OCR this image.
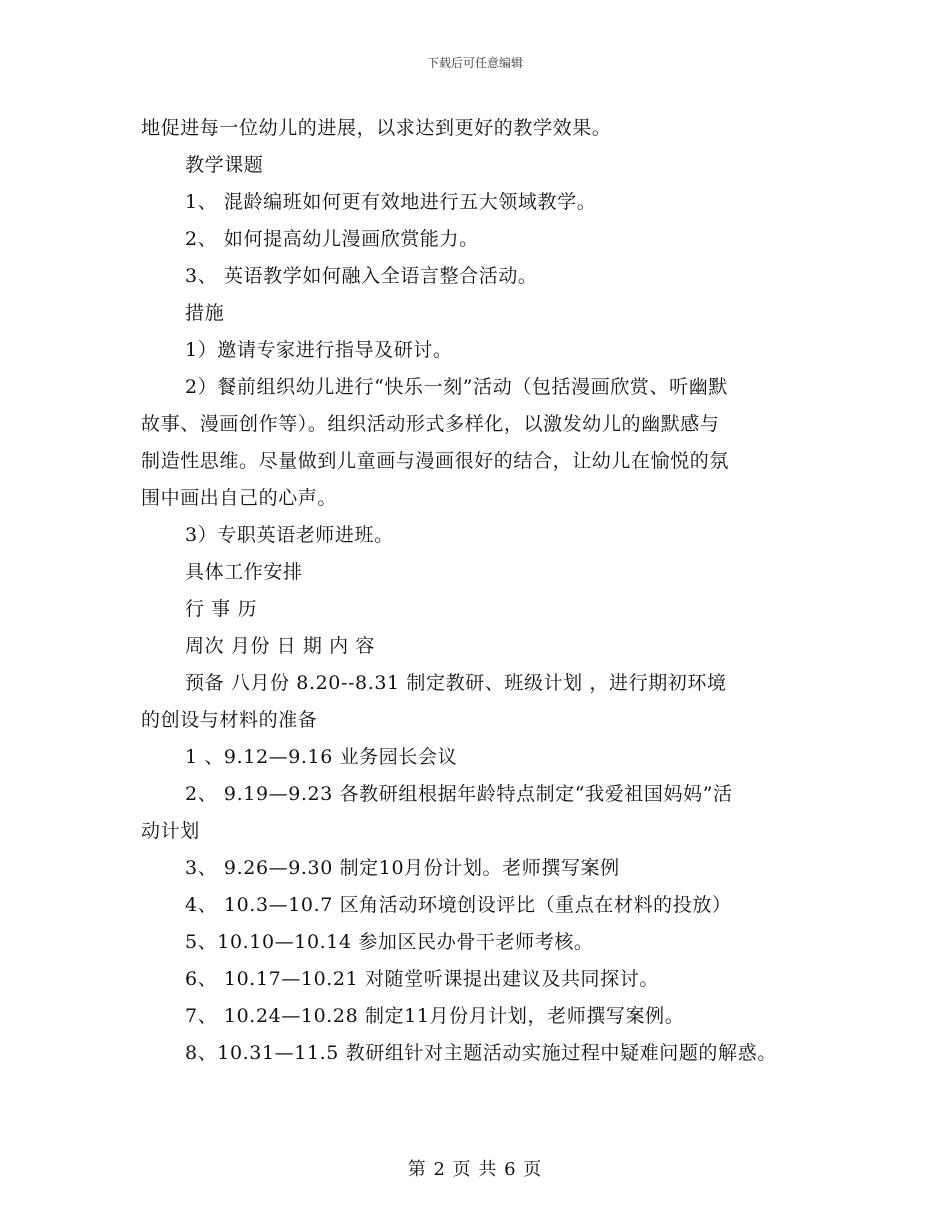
下载后可任意编辑
地促进每一位幼儿的进展，以求达到更好的教学效果。
教学课题
1、 混龄编班如何更有效地进行五大领域教学。
2、 如何提高幼儿漫画欣赏能力。
3、 英语教学如何融入全语言整合活动。
措施
1）邀请专家进行指导及研讨。
2）餐前组织幼儿进行“快乐一刻”活动（包括漫画欣赏、听幽默
故事、漫画创作等）。组织活动形式多样化，以激发幼儿的幽默感与
制造性思维。尽量做到儿童画与漫画很好的结合，让幼儿在愉悦的氛
围中画出自己的心声。
3）专职英语老师进班。
具体工作安排
行 事 历
周次 月份 日 期 内 容
预备 八月份 8.20--8.31 制定教研、班级计划 ，进行期初环境
的创设与材料的准备
1 、9.12—9.16 业务园长会议
2、 9.19—9.23 各教研组根据年龄特点制定“我爱祖国妈妈”活
动计划
3、 9.26—9.30 制定10月份计划。老师撰写案例
4、 10.3—10.7 区角活动环境创设评比（重点在材料的投放）
5、10.10—10.14 参加区民办骨干老师考核。
6、 10.17—10.21 对随堂听课提出建议及共同探讨。
7、 10.24—10.28 制定11月份月计划，老师撰写案例。
8、10.31—11.5 教研组针对主题活动实施过程中疑难问题的解惑。
第 2 页 共 6 页
